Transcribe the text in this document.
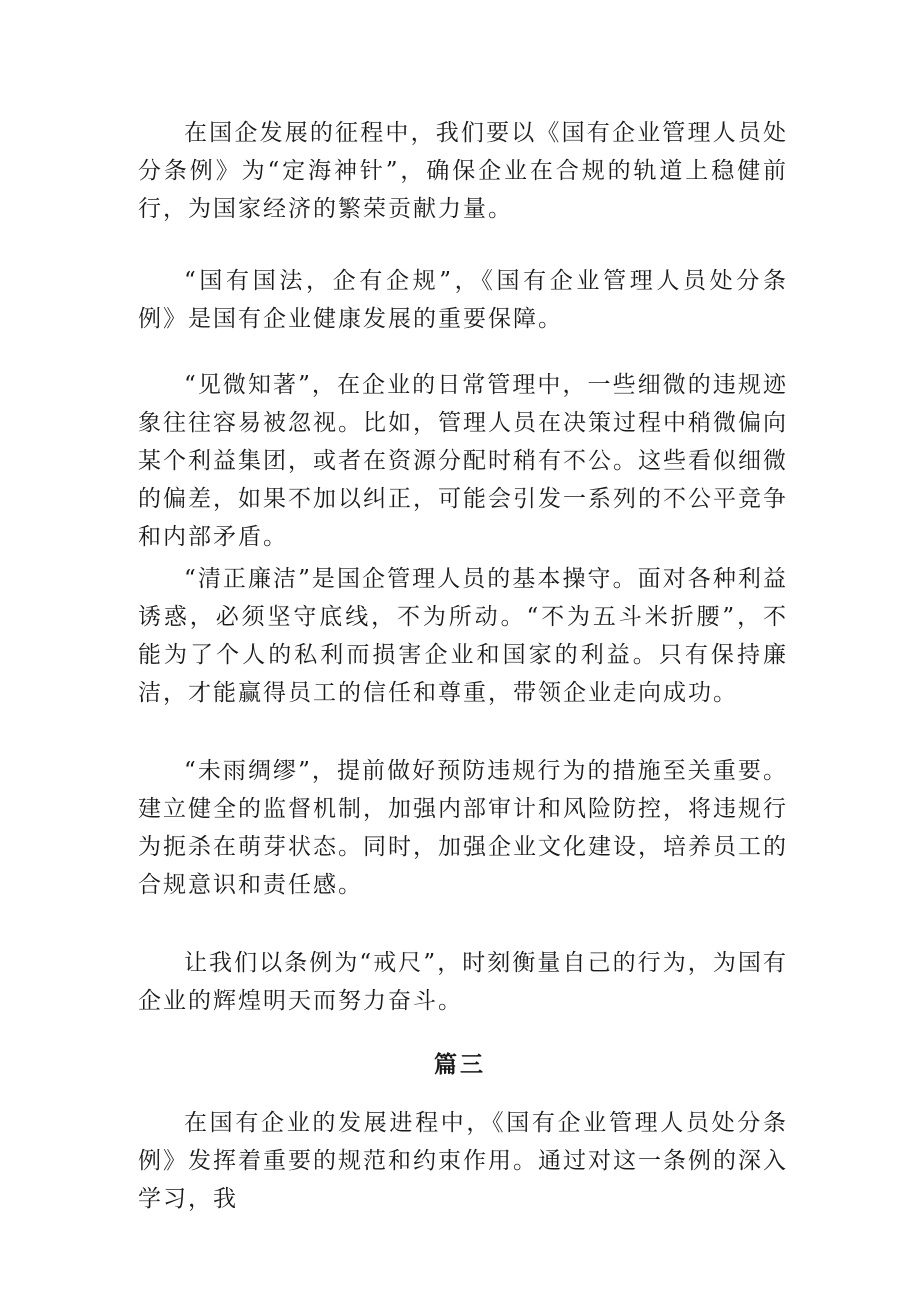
在国企发展的征程中，我们要以《国有企业管理人员处分条例》为“定海神针”，确保企业在合规的轨道上稳健前行，为国家经济的繁荣贡献力量。

“国有国法，企有企规”，《国有企业管理人员处分条例》是国有企业健康发展的重要保障。

“见微知著”，在企业的日常管理中，一些细微的违规迹象往往容易被忽视。比如，管理人员在决策过程中稍微偏向某个利益集团，或者在资源分配时稍有不公。这些看似细微的偏差，如果不加以纠正，可能会引发一系列的不公平竞争和内部矛盾。

“清正廉洁”是国企管理人员的基本操守。面对各种利益诱惑，必须坚守底线，不为所动。“不为五斗米折腰”，不能为了个人的私利而损害企业和国家的利益。只有保持廉洁，才能赢得员工的信任和尊重，带领企业走向成功。

“未雨绸缪”，提前做好预防违规行为的措施至关重要。建立健全的监督机制，加强内部审计和风险防控，将违规行为扼杀在萌芽状态。同时，加强企业文化建设，培养员工的合规意识和责任感。

让我们以条例为“戒尺”，时刻衡量自己的行为，为国有企业的辉煌明天而努力奋斗。

篇三

在国有企业的发展进程中，《国有企业管理人员处分条例》发挥着重要的规范和约束作用。通过对这一条例的深入学习，我
